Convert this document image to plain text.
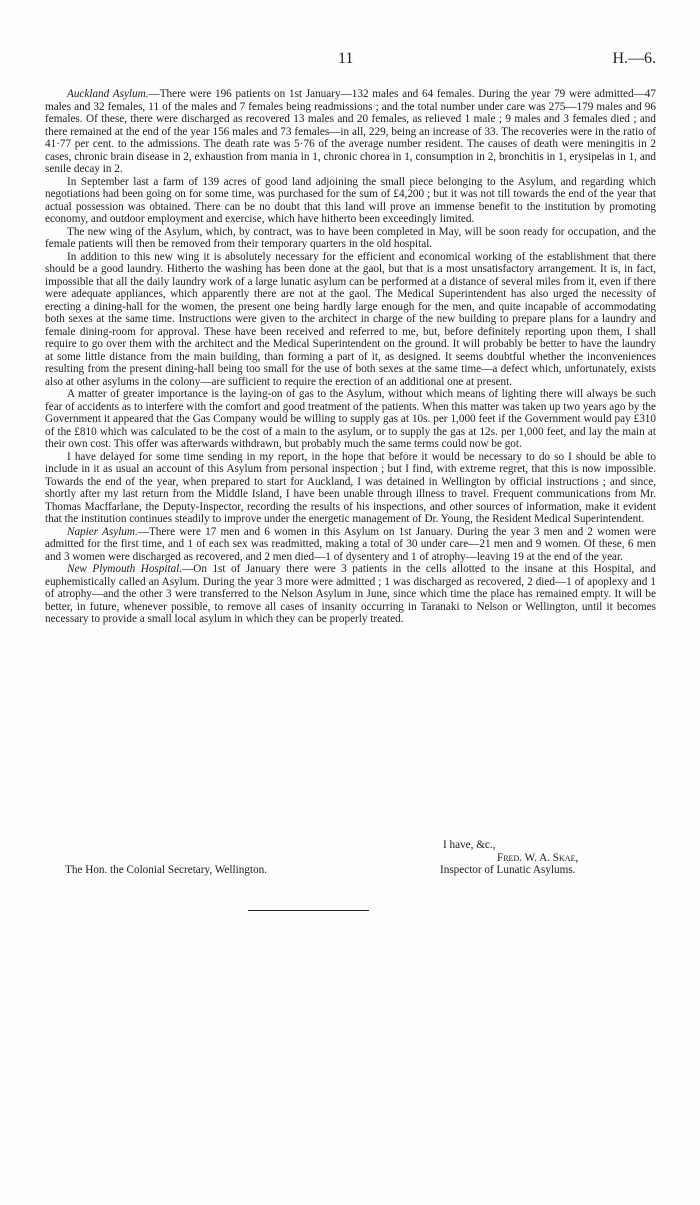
11	H.—6.

Auckland Asylum.—There were 196 patients on 1st January—132 males and 64 females. During the year 79 were admitted—47 males and 32 females, 11 of the males and 7 females being readmissions ; and the total number under care was 275—179 males and 96 females. Of these, there were discharged as recovered 13 males and 20 females, as relieved 1 male ; 9 males and 3 females died ; and there remained at the end of the year 156 males and 73 females—in all, 229, being an increase of 33. The recoveries were in the ratio of 41·77 per cent. to the admissions. The death rate was 5·76 of the average number resident. The causes of death were meningitis in 2 cases, chronic brain disease in 2, exhaustion from mania in 1, chronic chorea in 1, consumption in 2, bronchitis in 1, erysipelas in 1, and senile decay in 2.

In September last a farm of 139 acres of good land adjoining the small piece belonging to the Asylum, and regarding which negotiations had been going on for some time, was purchased for the sum of £4,200 ; but it was not till towards the end of the year that actual possession was obtained. There can be no doubt that this land will prove an immense benefit to the institution by promoting economy, and outdoor employment and exercise, which have hitherto been exceedingly limited.

The new wing of the Asylum, which, by contract, was to have been completed in May, will be soon ready for occupation, and the female patients will then be removed from their temporary quarters in the old hospital.

In addition to this new wing it is absolutely necessary for the efficient and economical working of the establishment that there should be a good laundry. Hitherto the washing has been done at the gaol, but that is a most unsatisfactory arrangement. It is, in fact, impossible that all the daily laundry work of a large lunatic asylum can be performed at a distance of several miles from it, even if there were adequate appliances, which apparently there are not at the gaol. The Medical Superintendent has also urged the necessity of erecting a dining-hall for the women, the present one being hardly large enough for the men, and quite incapable of accommodating both sexes at the same time. Instructions were given to the architect in charge of the new building to prepare plans for a laundry and female dining-room for approval. These have been received and referred to me, but, before definitely reporting upon them, I shall require to go over them with the architect and the Medical Superintendent on the ground. It will probably be better to have the laundry at some little distance from the main building, than forming a part of it, as designed. It seems doubtful whether the inconveniences resulting from the present dining-hall being too small for the use of both sexes at the same time—a defect which, unfortunately, exists also at other asylums in the colony—are sufficient to require the erection of an additional one at present.

A matter of greater importance is the laying-on of gas to the Asylum, without which means of lighting there will always be such fear of accidents as to interfere with the comfort and good treatment of the patients. When this matter was taken up two years ago by the Government it appeared that the Gas Company would be willing to supply gas at 10s. per 1,000 feet if the Government would pay £310 of the £810 which was calculated to be the cost of a main to the asylum, or to supply the gas at 12s. per 1,000 feet, and lay the main at their own cost. This offer was afterwards withdrawn, but probably much the same terms could now be got.

I have delayed for some time sending in my report, in the hope that before it would be necessary to do so I should be able to include in it as usual an account of this Asylum from personal inspection ; but I find, with extreme regret, that this is now impossible. Towards the end of the year, when prepared to start for Auckland, I was detained in Wellington by official instructions ; and since, shortly after my last return from the Middle Island, I have been unable through illness to travel. Frequent communications from Mr. Thomas Macffarlane, the Deputy-Inspector, recording the results of his inspections, and other sources of information, make it evident that the institution continues steadily to improve under the energetic management of Dr. Young, the Resident Medical Superintendent.

Napier Asylum.—There were 17 men and 6 women in this Asylum on 1st January. During the year 3 men and 2 women were admitted for the first time, and 1 of each sex was readmitted, making a total of 30 under care—21 men and 9 women. Of these, 6 men and 3 women were discharged as recovered, and 2 men died—1 of dysentery and 1 of atrophy—leaving 19 at the end of the year.

New Plymouth Hospital.—On 1st of January there were 3 patients in the cells allotted to the insane at this Hospital, and euphemistically called an Asylum. During the year 3 more were admitted ; 1 was discharged as recovered, 2 died—1 of apoplexy and 1 of atrophy—and the other 3 were transferred to the Nelson Asylum in June, since which time the place has remained empty. It will be better, in future, whenever possible, to remove all cases of insanity occurring in Taranaki to Nelson or Wellington, until it becomes necessary to provide a small local asylum in which they can be properly treated.

I have, &c.,
Fred. W. A. Skae,
The Hon. the Colonial Secretary, Wellington.	Inspector of Lunatic Asylums.
